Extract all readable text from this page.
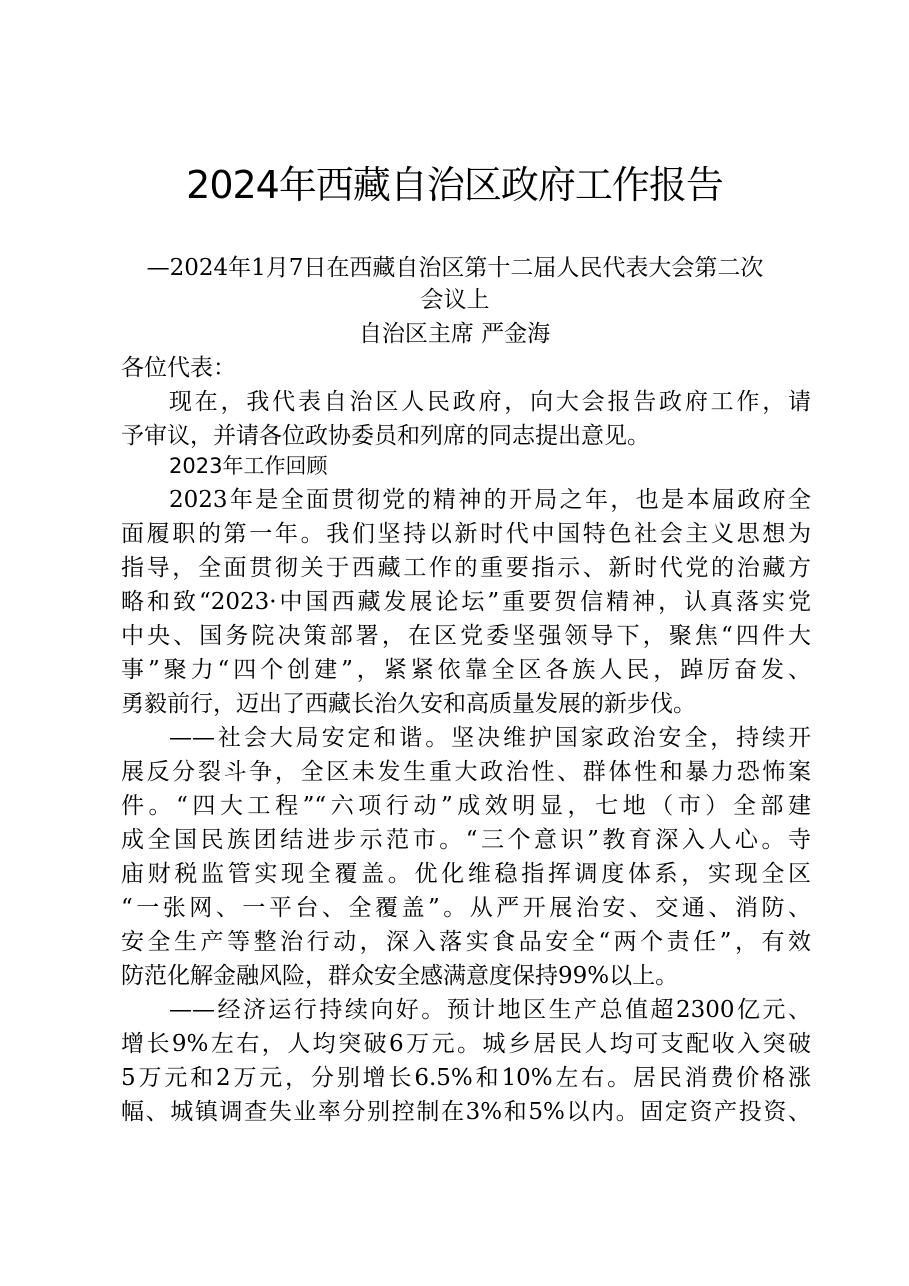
2024年西藏自治区政府工作报告
—2024年1月7日在西藏自治区第十二届人民代表大会第二次
会议上
自治区主席 严金海
各位代表：
现在，我代表自治区人民政府，向大会报告政府工作，请
予审议，并请各位政协委员和列席的同志提出意见。
2023年工作回顾
2023年是全面贯彻党的精神的开局之年，也是本届政府全
面履职的第一年。我们坚持以新时代中国特色社会主义思想为
指导，全面贯彻关于西藏工作的重要指示、新时代党的治藏方
略和致“2023·中国西藏发展论坛”重要贺信精神，认真落实党
中央、国务院决策部署，在区党委坚强领导下，聚焦“四件大
事”聚力“四个创建”，紧紧依靠全区各族人民，踔厉奋发、
勇毅前行，迈出了西藏长治久安和高质量发展的新步伐。
——社会大局安定和谐。坚决维护国家政治安全，持续开
展反分裂斗争，全区未发生重大政治性、群体性和暴力恐怖案
件。“四大工程”“六项行动”成效明显，七地（市）全部建
成全国民族团结进步示范市。“三个意识”教育深入人心。寺
庙财税监管实现全覆盖。优化维稳指挥调度体系，实现全区
“一张网、一平台、全覆盖”。从严开展治安、交通、消防、
安全生产等整治行动，深入落实食品安全“两个责任”，有效
防范化解金融风险，群众安全感满意度保持99%以上。
——经济运行持续向好。预计地区生产总值超2300亿元、
增长9%左右，人均突破6万元。城乡居民人均可支配收入突破
5万元和2万元，分别增长6.5%和10%左右。居民消费价格涨
幅、城镇调查失业率分别控制在3%和5%以内。固定资产投资、
